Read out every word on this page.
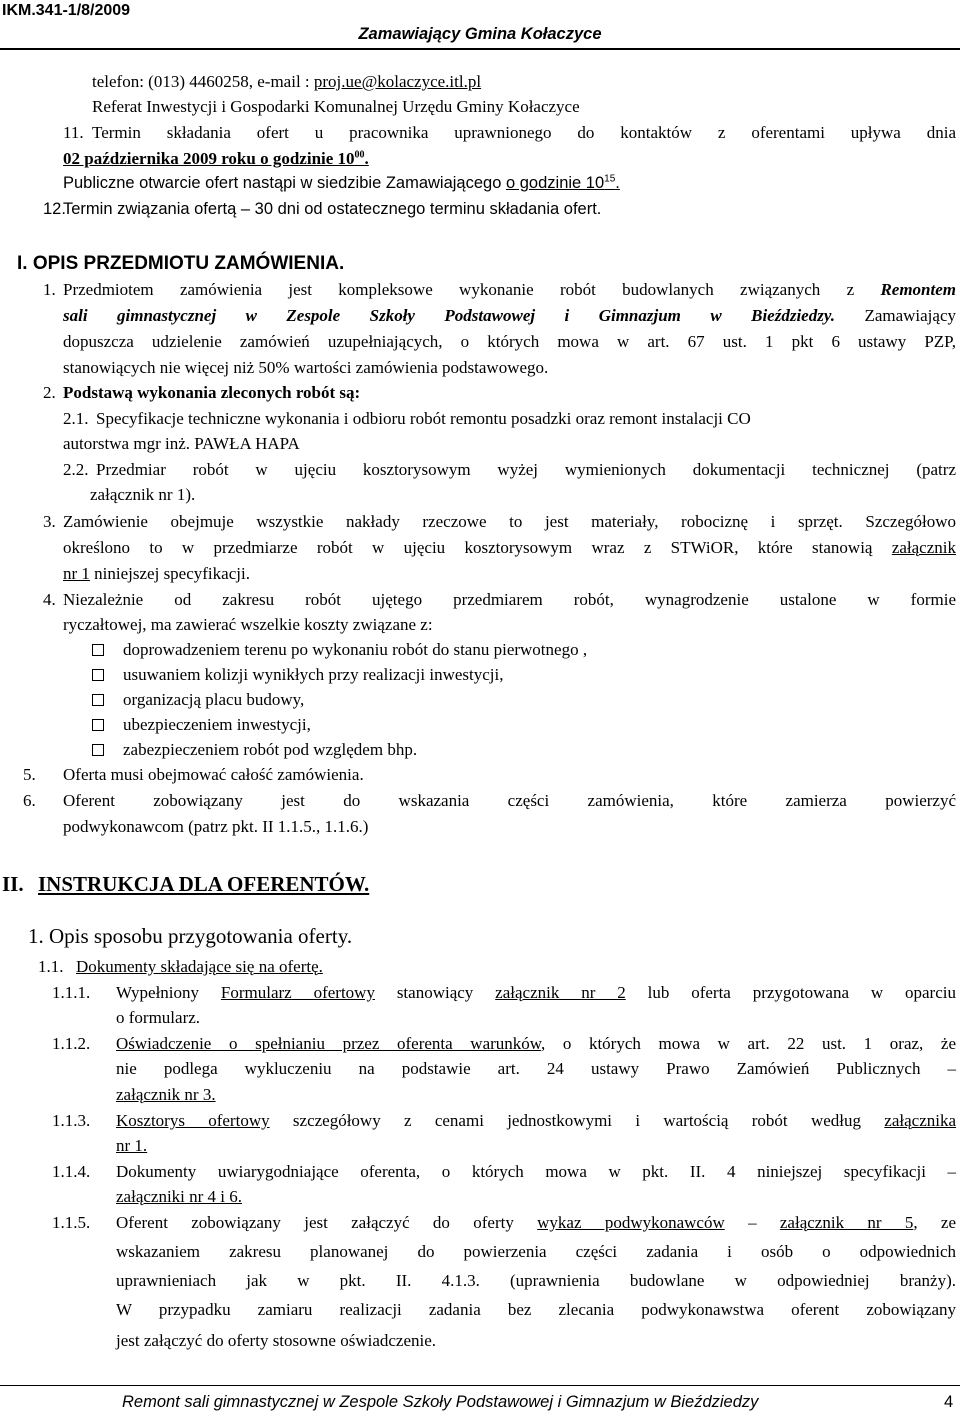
IKM.341-1/8/2009
Zamawiający Gmina Kołaczyce
telefon: (013) 4460258, e-mail : proj.ue@kolaczyce.itl.pl
Referat Inwestycji i Gospodarki Komunalnej Urzędu Gminy Kołaczyce
11. Termin składania ofert u pracownika uprawnionego do kontaktów z oferentami upływa dnia
02 października 2009 roku o godzinie $10^{00}$.
Publiczne otwarcie ofert nastąpi w siedzibie Zamawiającego o godzinie $10^{15}$.
12.
Termin związania ofertą – 30 dni od ostatecznego terminu składania ofert.
I. OPIS PRZEDMIOTU ZAMÓWIENIA.
1. Przedmiotem zamówienia jest kompleksowe wykonanie robót budowlanych związanych z Remontem
sali gimnastycznej w Zespole Szkoły Podstawowej i Gimnazjum w Bieździedzy. Zamawiający
dopuszcza udzielenie zamówień uzupełniających, o których mowa w art. 67 ust. 1 pkt 6 ustawy PZP,
stanowiących nie więcej niż 50% wartości zamówienia podstawowego.
2. Podstawą wykonania zleconych robót są:
2.1. Specyfikacje techniczne wykonania i odbioru robót remontu posadzki oraz remont instalacji CO
autorstwa mgr inż. PAWŁA HAPA
2.2. Przedmiar robót w ujęciu kosztorysowym wyżej wymienionych dokumentacji technicznej (patrz
załącznik nr 1).
3. Zamówienie obejmuje wszystkie nakłady rzeczowe to jest materiały, robociznę i sprzęt. Szczegółowo
określono to w przedmiarze robót w ujęciu kosztorysowym wraz z STWiOR, które stanowią załącznik
nr 1 niniejszej specyfikacji.
4. Niezależnie od zakresu robót ujętego przedmiarem robót, wynagrodzenie ustalone w formie
ryczałtowej, ma zawierać wszelkie koszty związane z:
doprowadzeniem terenu po wykonaniu robót do stanu pierwotnego ,
usuwaniem kolizji wynikłych przy realizacji inwestycji,
organizacją placu budowy,
ubezpieczeniem inwestycji,
zabezpieczeniem robót pod względem bhp.
5. Oferta musi obejmować całość zamówienia.
6. Oferent zobowiązany jest do wskazania części zamówienia, które zamierza powierzyć
podwykonawcom (patrz pkt. II 1.1.5., 1.1.6.)
II. INSTRUKCJA DLA OFERENTÓW.
1. Opis sposobu przygotowania oferty.
1.1. Dokumenty składające się na ofertę.
1.1.1. Wypełniony Formularz ofertowy stanowiący załącznik nr 2 lub oferta przygotowana w oparciu
o formularz.
1.1.2. Oświadczenie o spełnianiu przez oferenta warunków, o których mowa w art. 22 ust. 1 oraz, że
nie podlega wykluczeniu na podstawie art. 24 ustawy Prawo Zamówień Publicznych –
załącznik nr 3.
1.1.3. Kosztorys ofertowy szczegółowy z cenami jednostkowymi i wartością robót według załącznika
nr 1.
1.1.4. Dokumenty uwiarygodniające oferenta, o których mowa w pkt. II. 4 niniejszej specyfikacji –
załączniki nr 4 i 6.
1.1.5. Oferent zobowiązany jest załączyć do oferty wykaz podwykonawców – załącznik nr 5, ze
wskazaniem zakresu planowanej do powierzenia części zadania i osób o odpowiednich
uprawnieniach jak w pkt. II. 4.1.3. (uprawnienia budowlane w odpowiedniej branży).
W przypadku zamiaru realizacji zadania bez zlecania podwykonawstwa oferent zobowiązany
jest załączyć do oferty stosowne oświadczenie.
Remont sali gimnastycznej w Zespole Szkoły Podstawowej i Gimnazjum w Bieździedzy	4
